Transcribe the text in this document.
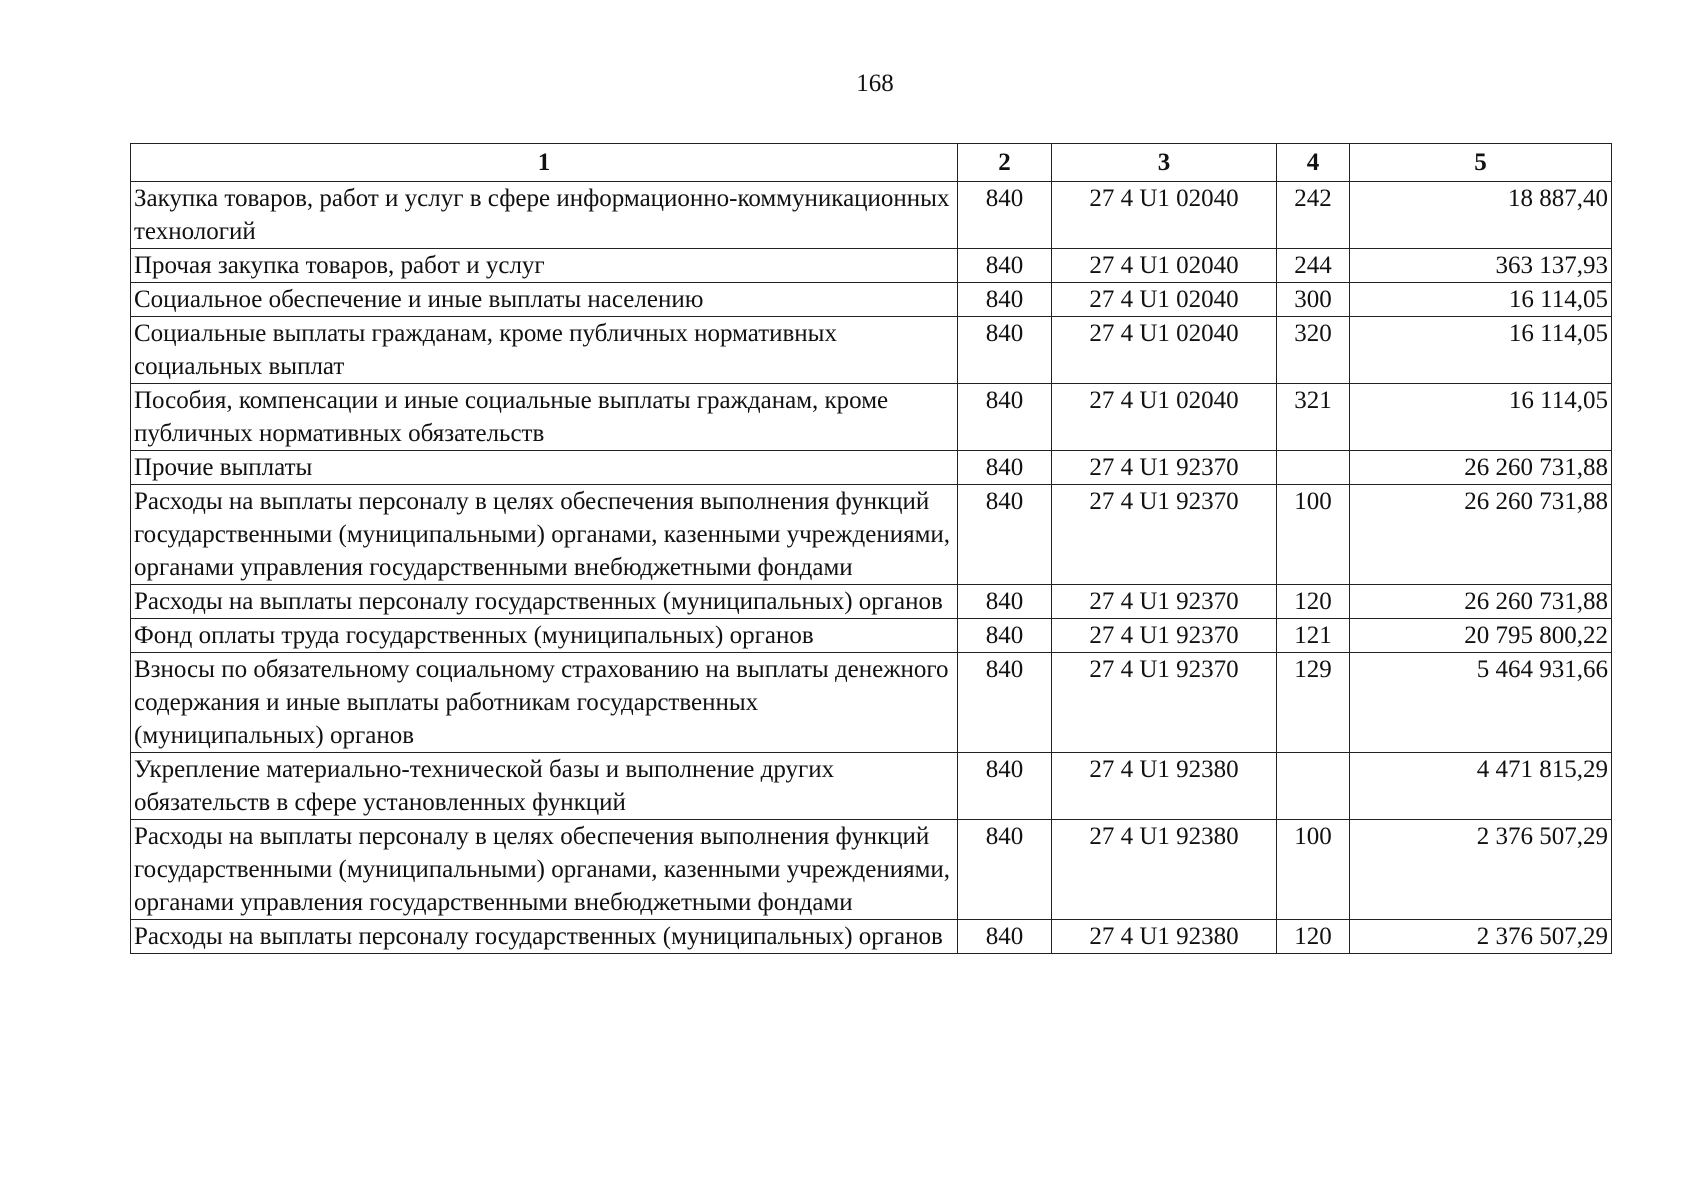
168
1	2	3	4	5
Закупка товаров, работ и услуг в сфере информационно-коммуникационных технологий	840	27 4 U1 02040	242	18 887,40
Прочая закупка товаров, работ и услуг	840	27 4 U1 02040	244	363 137,93
Социальное обеспечение и иные выплаты населению	840	27 4 U1 02040	300	16 114,05
Социальные выплаты гражданам, кроме публичных нормативных социальных выплат	840	27 4 U1 02040	320	16 114,05
Пособия, компенсации и иные социальные выплаты гражданам, кроме публичных нормативных обязательств	840	27 4 U1 02040	321	16 114,05
Прочие выплаты	840	27 4 U1 92370		26 260 731,88
Расходы на выплаты персоналу в целях обеспечения выполнения функций государственными (муниципальными) органами, казенными учреждениями, органами управления государственными внебюджетными фондами	840	27 4 U1 92370	100	26 260 731,88
Расходы на выплаты персоналу государственных (муниципальных) органов	840	27 4 U1 92370	120	26 260 731,88
Фонд оплаты труда государственных (муниципальных) органов	840	27 4 U1 92370	121	20 795 800,22
Взносы по обязательному социальному страхованию на выплаты денежного содержания и иные выплаты работникам государственных (муниципальных) органов	840	27 4 U1 92370	129	5 464 931,66
Укрепление материально-технической базы и выполнение других обязательств в сфере установленных функций	840	27 4 U1 92380		4 471 815,29
Расходы на выплаты персоналу в целях обеспечения выполнения функций государственными (муниципальными) органами, казенными учреждениями, органами управления государственными внебюджетными фондами	840	27 4 U1 92380	100	2 376 507,29
Расходы на выплаты персоналу государственных (муниципальных) органов	840	27 4 U1 92380	120	2 376 507,29
